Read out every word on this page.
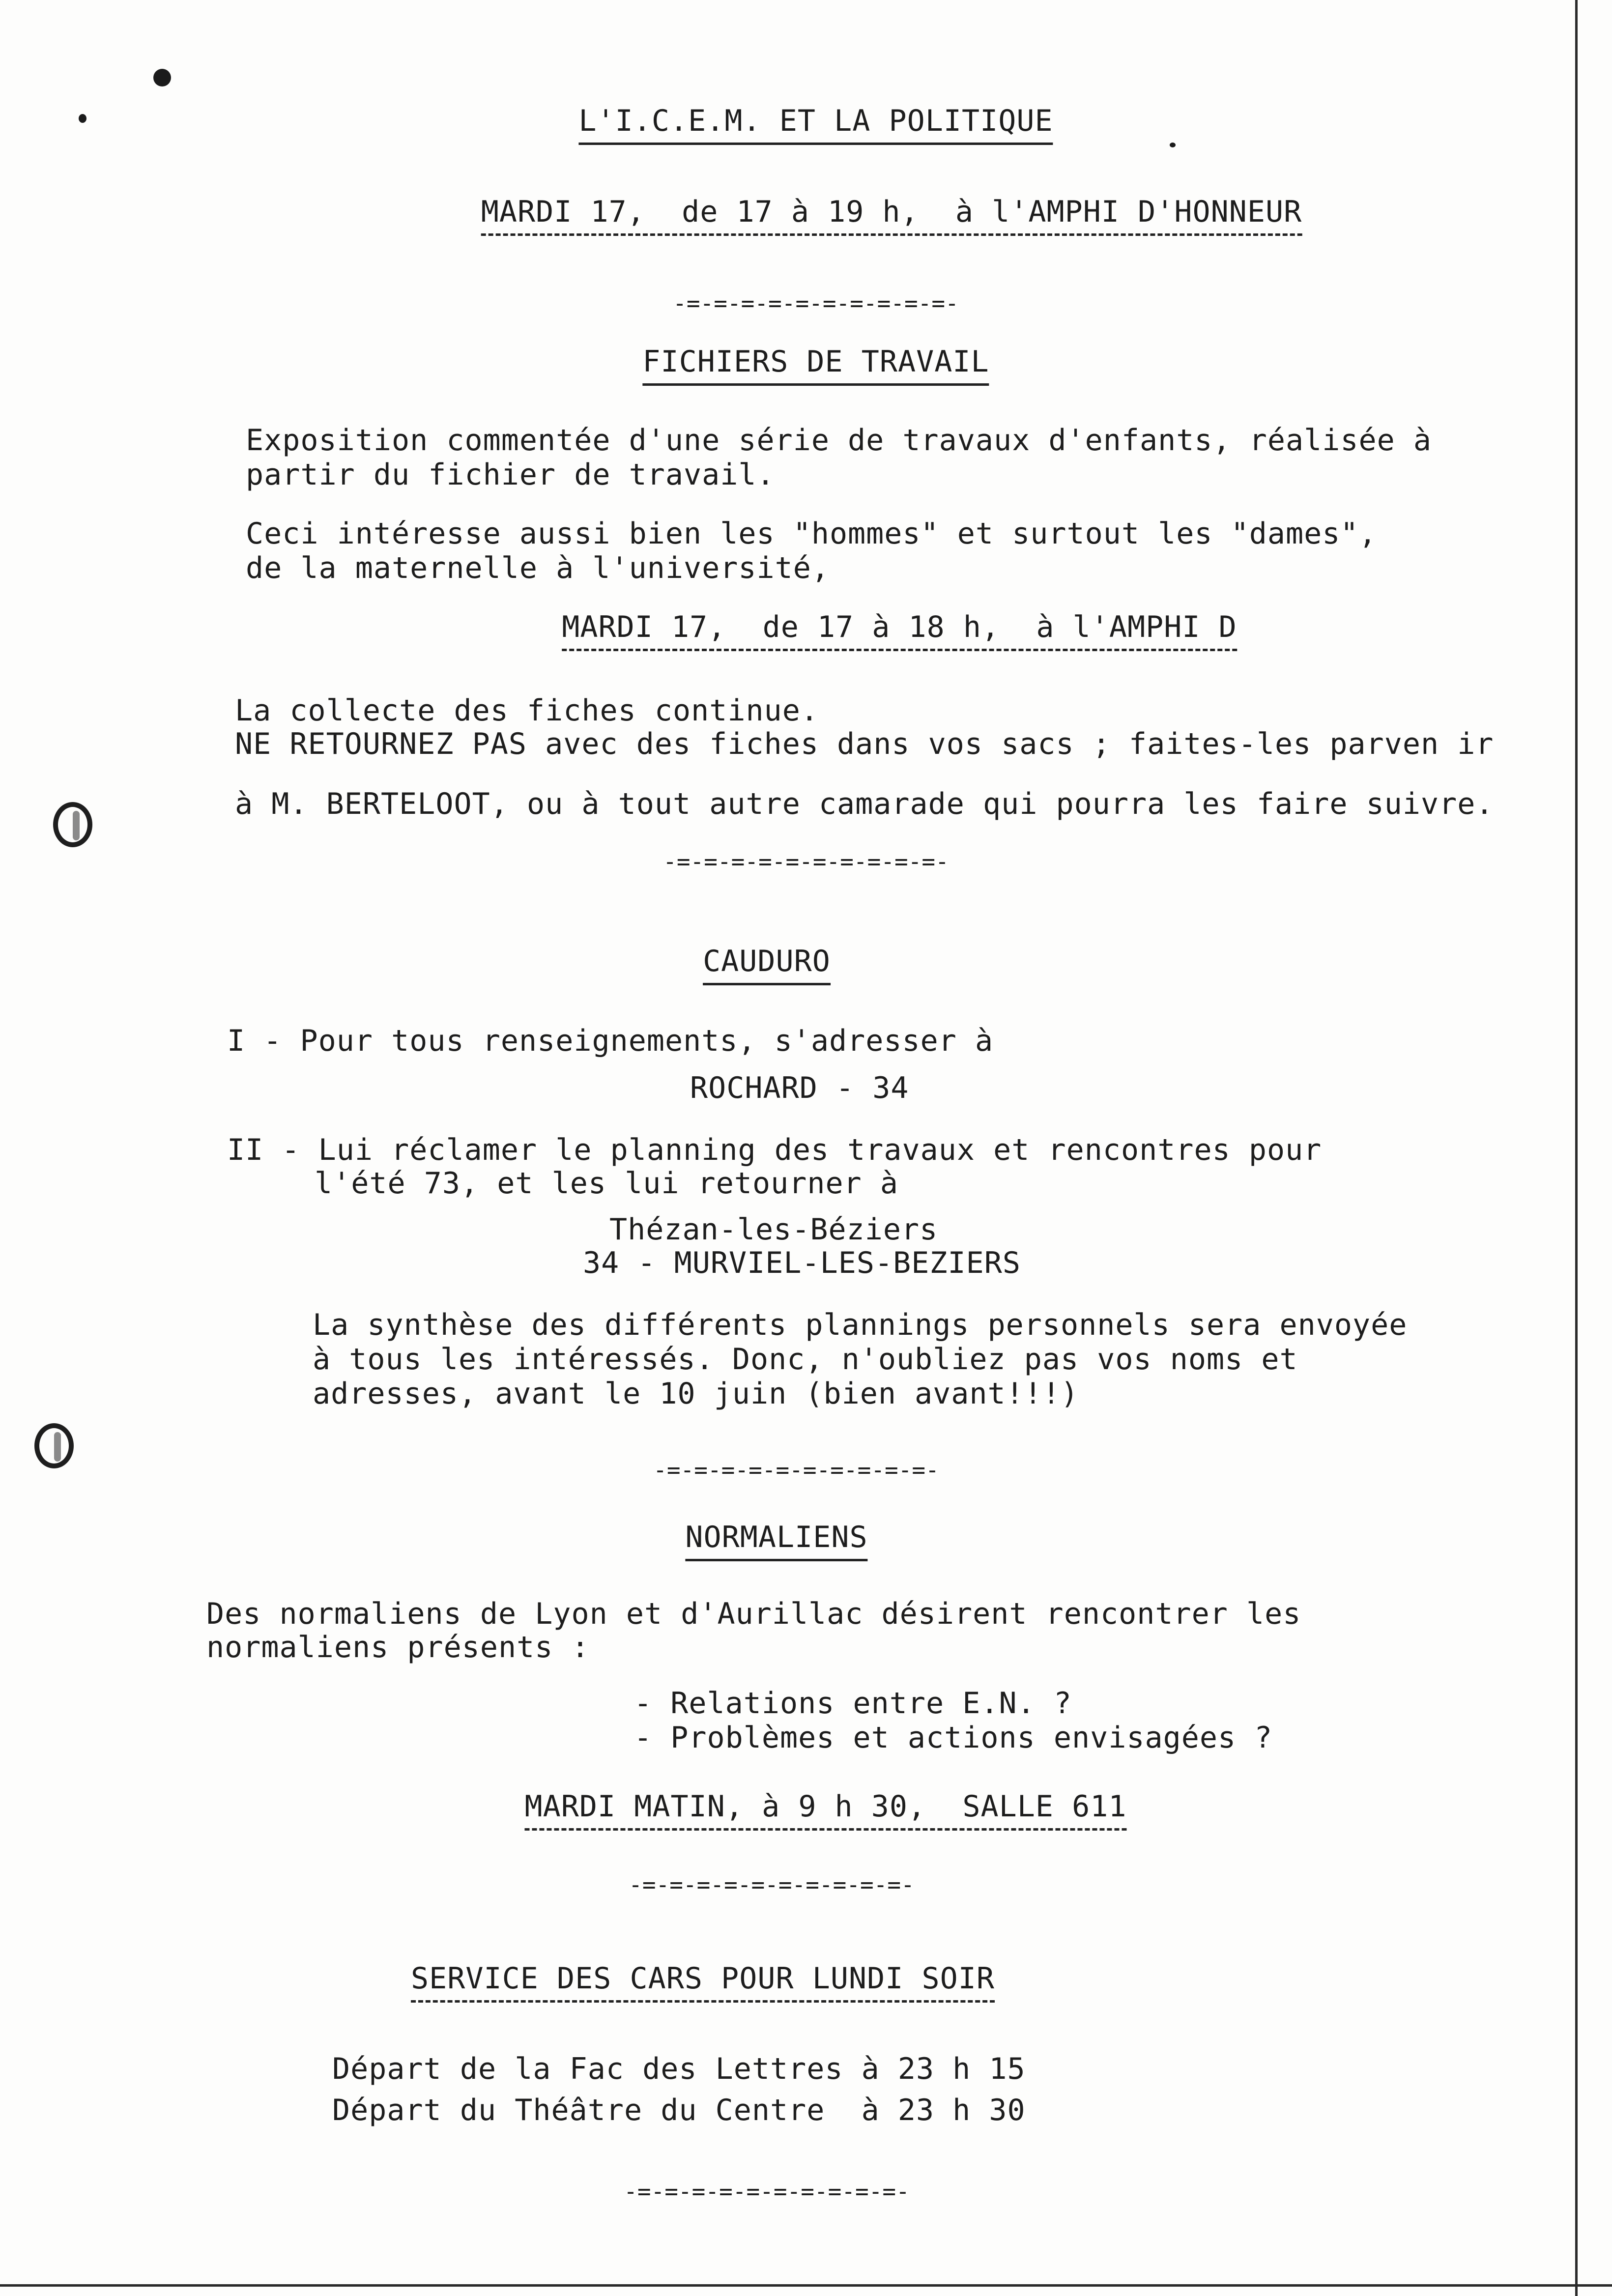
L'I.C.E.M. ET LA POLITIQUE
MARDI 17,  de 17 à 19 h,  à l'AMPHI D'HONNEUR
-=-=-=-=-=-=-=-=-=-=-
FICHIERS DE TRAVAIL
Exposition commentée d'une série de travaux d'enfants, réalisée à
partir du fichier de travail.
Ceci intéresse aussi bien les "hommes" et surtout les "dames",
de la maternelle à l'université,
MARDI 17,  de 17 à 18 h,  à l'AMPHI D
La collecte des fiches continue.
NE RETOURNEZ PAS avec des fiches dans vos sacs ; faites-les parven ir
à M. BERTELOOT, ou à tout autre camarade qui pourra les faire suivre.
-=-=-=-=-=-=-=-=-=-=-
CAUDURO
I - Pour tous renseignements, s'adresser à
ROCHARD - 34
II - Lui réclamer le planning des travaux et rencontres pour
l'été 73, et les lui retourner à
Thézan-les-Béziers
34 - MURVIEL-LES-BEZIERS
La synthèse des différents plannings personnels sera envoyée
à tous les intéressés. Donc, n'oubliez pas vos noms et
adresses, avant le 10 juin (bien avant!!!)
-=-=-=-=-=-=-=-=-=-=-
NORMALIENS
Des normaliens de Lyon et d'Aurillac désirent rencontrer les
normaliens présents :
- Relations entre E.N. ?
- Problèmes et actions envisagées ?
MARDI MATIN, à 9 h 30,  SALLE 611
-=-=-=-=-=-=-=-=-=-=-
SERVICE DES CARS POUR LUNDI SOIR
Départ de la Fac des Lettres à 23 h 15
Départ du Théâtre du Centre  à 23 h 30
-=-=-=-=-=-=-=-=-=-=-
